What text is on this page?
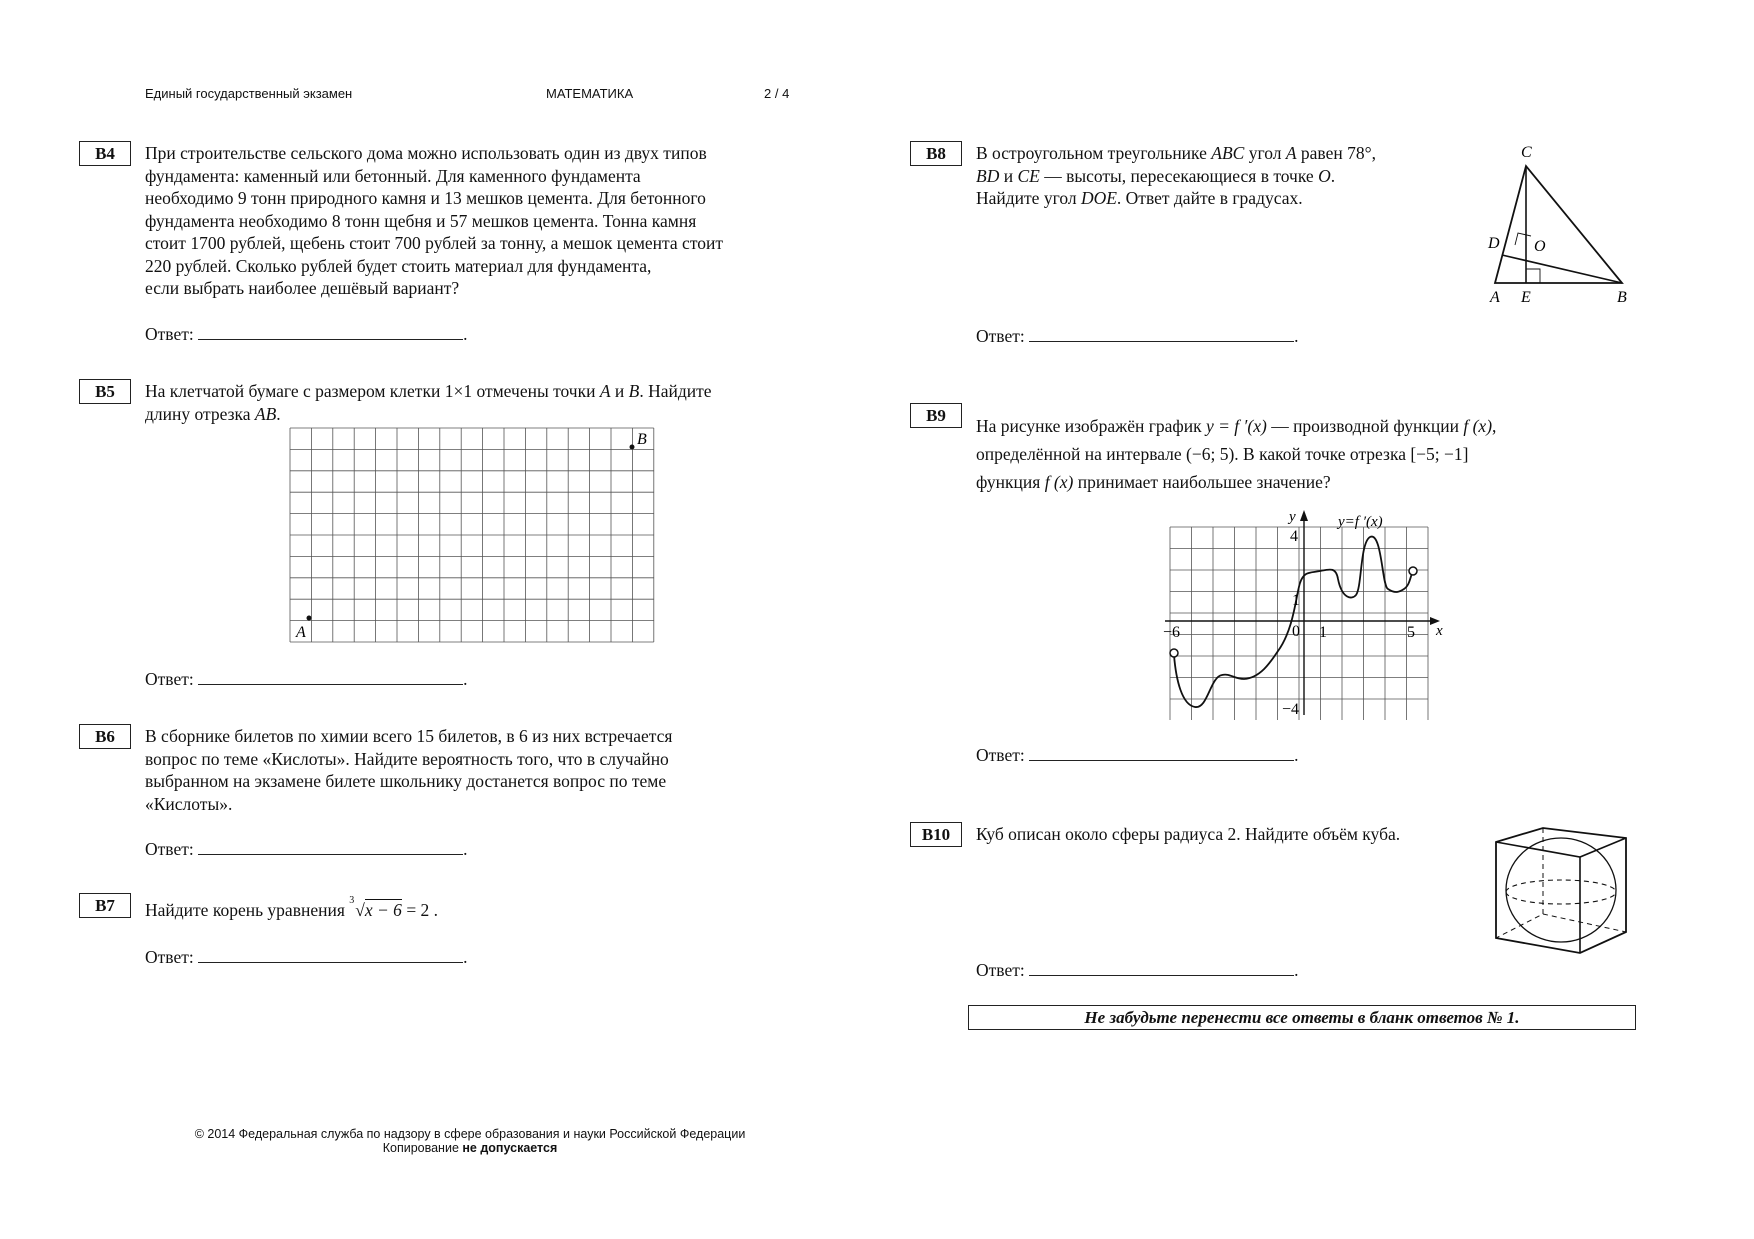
Единый государственный экзамен	МАТЕМАТИКА	2 / 4
B4	При строительстве сельского дома можно использовать один из двух типов
фундамента: каменный или бетонный. Для каменного фундамента
необходимо 9 тонн природного камня и 13 мешков цемента. Для бетонного
фундамента необходимо 8 тонн щебня и 57 мешков цемента. Тонна камня
стоит 1700 рублей, щебень стоит 700 рублей за тонну, а мешок цемента стоит
220 рублей. Сколько рублей будет стоить материал для фундамента,
если выбрать наиболее дешёвый вариант?
Ответ:	.
B5	На клетчатой бумаге с размером клетки 1×1 отмечены точки A и B. Найдите
длину отрезка AB.
A
B
Ответ:	.
B6	В сборнике билетов по химии всего 15 билетов, в 6 из них встречается
вопрос по теме «Кислоты». Найдите вероятность того, что в случайно
выбранном на экзамене билете школьнику достанется вопрос по теме
«Кислоты».
Ответ:	.
B7	Найдите корень уравнения 3 √x − 6 = 2 .
Ответ:	.
B8	В остроугольном треугольнике ABC угол A равен 78°,
BD и CE — высоты, пересекающиеся в точке O.
Найдите угол DOE. Ответ дайте в градусах.
C
D O
A E	B
Ответ:	.
B9
На рисунке изображён график y = f ′(x) — производной функции f (x),
определённой на интервале (−6; 5). В какой точке отрезка [−5; −1]
функция f (x) принимает наибольшее значение?
y
x
y=f ′(x)
4
1
0 1	5
−6
−4
Ответ:	.
B10	Куб описан около сферы радиуса 2. Найдите объём куба.
Ответ:	.
Не забудьте перенести все ответы в бланк ответов № 1.
© 2014 Федеральная служба по надзору в сфере образования и науки Российской Федерации
Копирование не допускается
